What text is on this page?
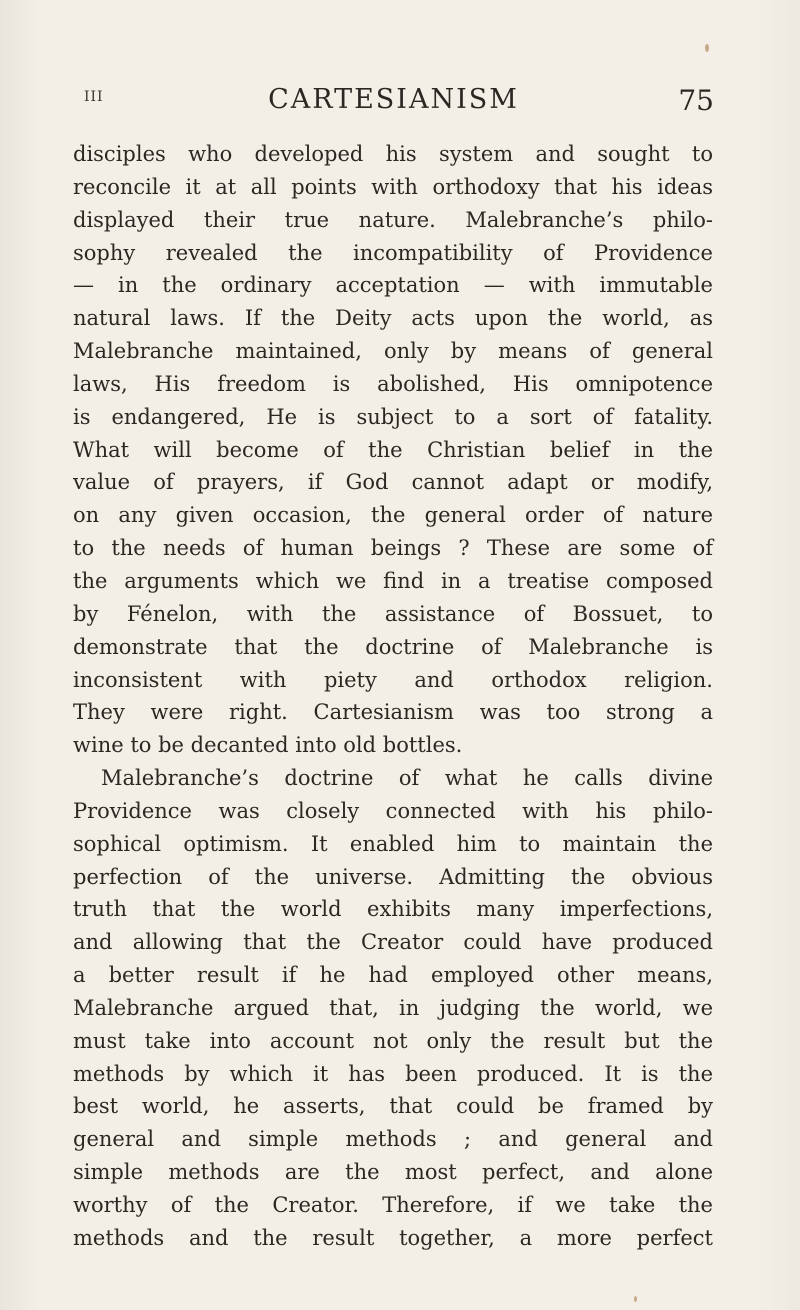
III	CARTESIANISM	75
disciples who developed his system and sought to
reconcile it at all points with orthodoxy that his ideas
displayed their true nature. Malebranche’s philo-
sophy revealed the incompatibility of Providence
— in the ordinary acceptation — with immutable
natural laws. If the Deity acts upon the world, as
Malebranche maintained, only by means of general
laws, His freedom is abolished, His omnipotence
is endangered, He is subject to a sort of fatality.
What will become of the Christian belief in the
value of prayers, if God cannot adapt or modify,
on any given occasion, the general order of nature
to the needs of human beings ? These are some of
the arguments which we find in a treatise composed
by Fénelon, with the assistance of Bossuet, to
demonstrate that the doctrine of Malebranche is
inconsistent with piety and orthodox religion.
They were right. Cartesianism was too strong a
wine to be decanted into old bottles.
Malebranche’s doctrine of what he calls divine
Providence was closely connected with his philo-
sophical optimism. It enabled him to maintain the
perfection of the universe. Admitting the obvious
truth that the world exhibits many imperfections,
and allowing that the Creator could have produced
a better result if he had employed other means,
Malebranche argued that, in judging the world, we
must take into account not only the result but the
methods by which it has been produced. It is the
best world, he asserts, that could be framed by
general and simple methods ; and general and
simple methods are the most perfect, and alone
worthy of the Creator. Therefore, if we take the
methods and the result together, a more perfect
